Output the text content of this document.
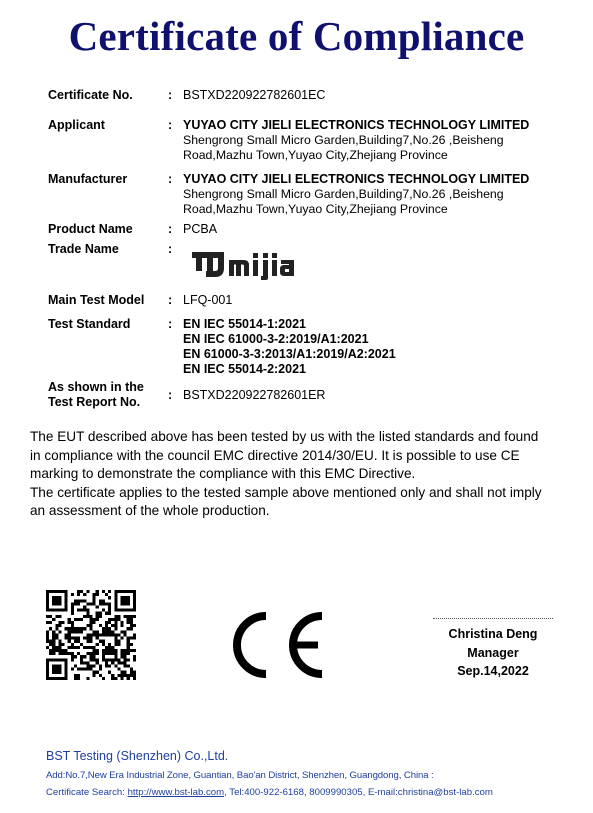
Certificate of Compliance
Certificate No.	: BSTXD220922782601EC
Applicant	: YUYAO CITY JIELI ELECTRONICS TECHNOLOGY LIMITED
Shengrong Small Micro Garden,Building7,No.26 ,Beisheng
Road,Mazhu Town,Yuyao City,Zhejiang Province
Manufacturer	: YUYAO CITY JIELI ELECTRONICS TECHNOLOGY LIMITED
Shengrong Small Micro Garden,Building7,No.26 ,Beisheng
Road,Mazhu Town,Yuyao City,Zhejiang Province
Product Name	: PCBA
Trade Name	:
Main Test Model : LFQ-001
Test Standard	: EN IEC 55014-1:2021
EN IEC 61000-3-2:2019/A1:2021
EN 61000-3-3:2013/A1:2019/A2:2021
EN IEC 55014-2:2021
As shown in the
Test Report No. : BSTXD220922782601ER
The EUT described above has been tested by us with the listed standards and found
in compliance with the council EMC directive 2014/30/EU. It is possible to use CE
marking to demonstrate the compliance with this EMC Directive.
The certificate applies to the tested sample above mentioned only and shall not imply
an assessment of the whole production.
Christina Deng
Manager
Sep.14,2022
BST Testing (Shenzhen) Co.,Ltd.
Add:No.7,New Era Industrial Zone, Guantian, Bao'an District, Shenzhen, Guangdong, China :
Certificate Search: http://www.bst-lab.com, Tel:400-922-6168, 8009990305, E-mail:christina@bst-lab.com
